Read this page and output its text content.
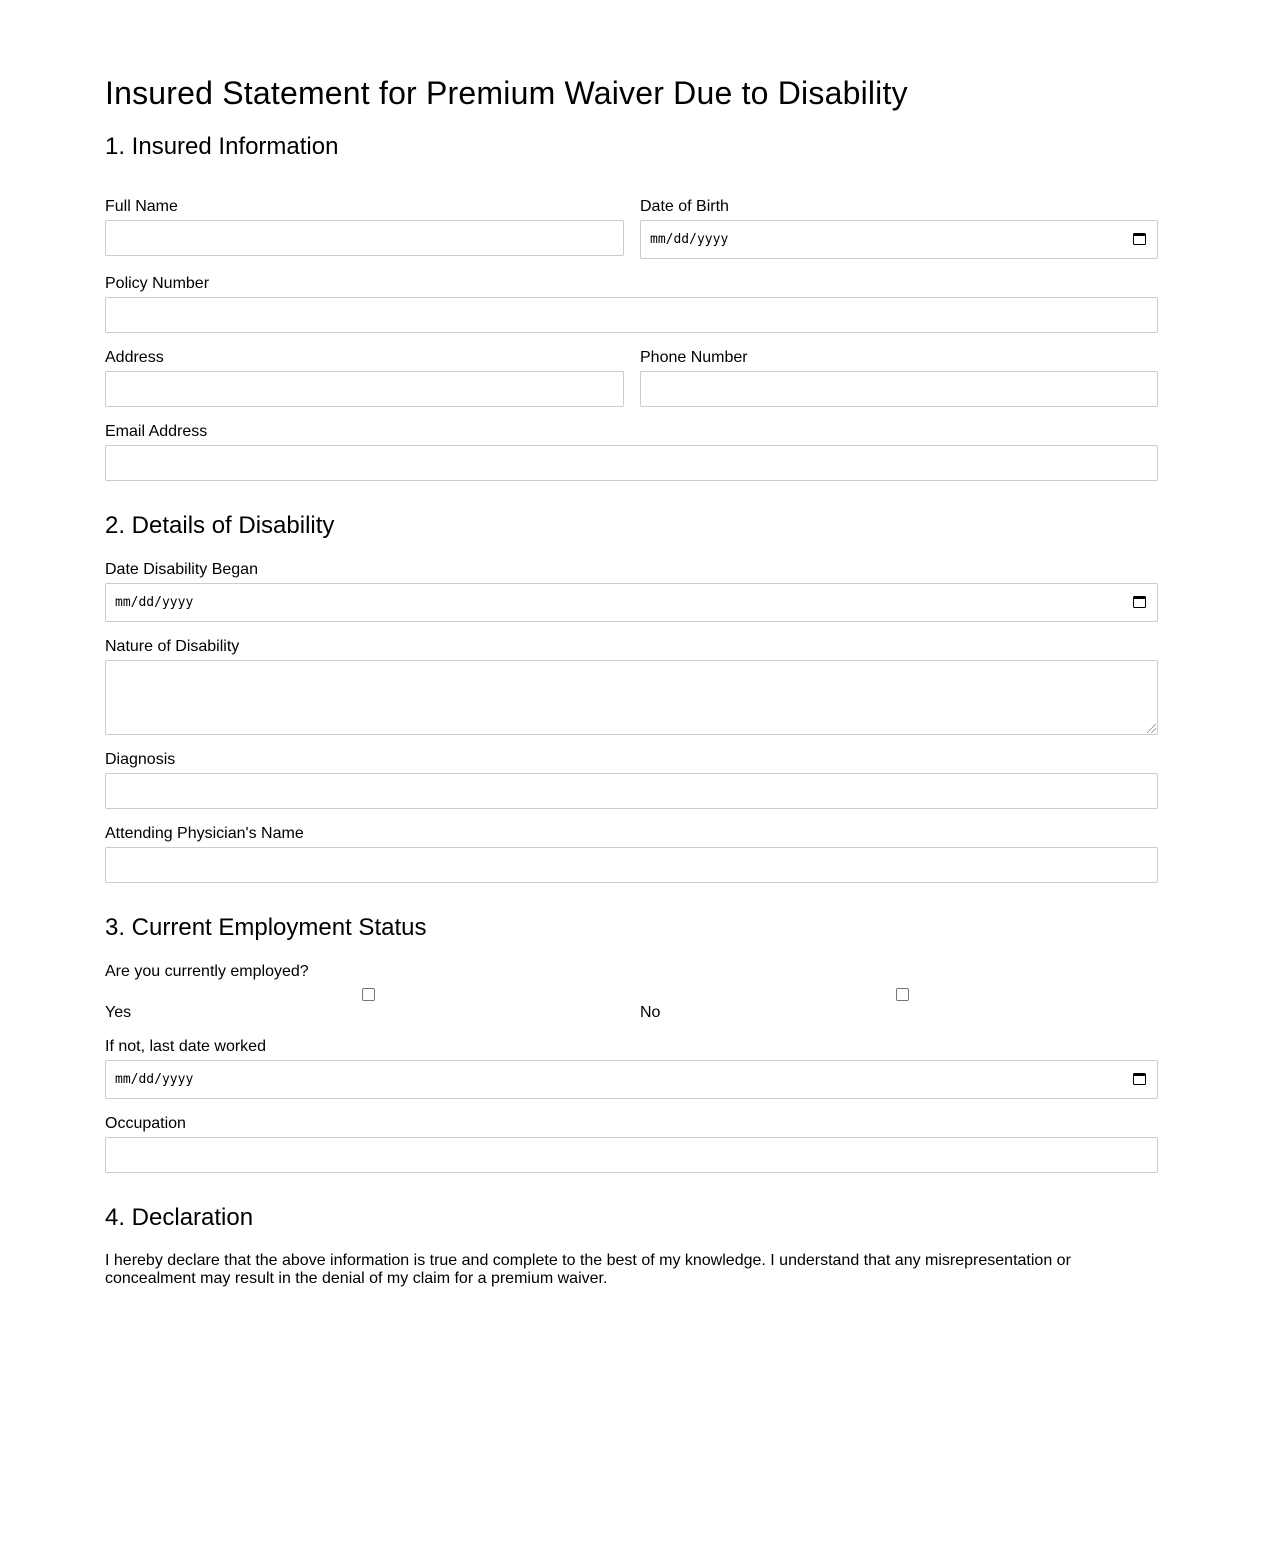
Insured Statement for Premium Waiver Due to Disability
1. Insured Information
Full Name	Date of Birth
mm/dd/yyyy
Policy Number
Address	Phone Number
Email Address
2. Details of Disability
Date Disability Began
mm/dd/yyyy
Nature of Disability
Diagnosis
Attending Physician's Name
3. Current Employment Status
Are you currently employed?
Yes	No
If not, last date worked
mm/dd/yyyy
Occupation
4. Declaration
I hereby declare that the above information is true and complete to the best of my knowledge. I understand that any misrepresentation or concealment may result in the denial of my claim for a premium waiver.
